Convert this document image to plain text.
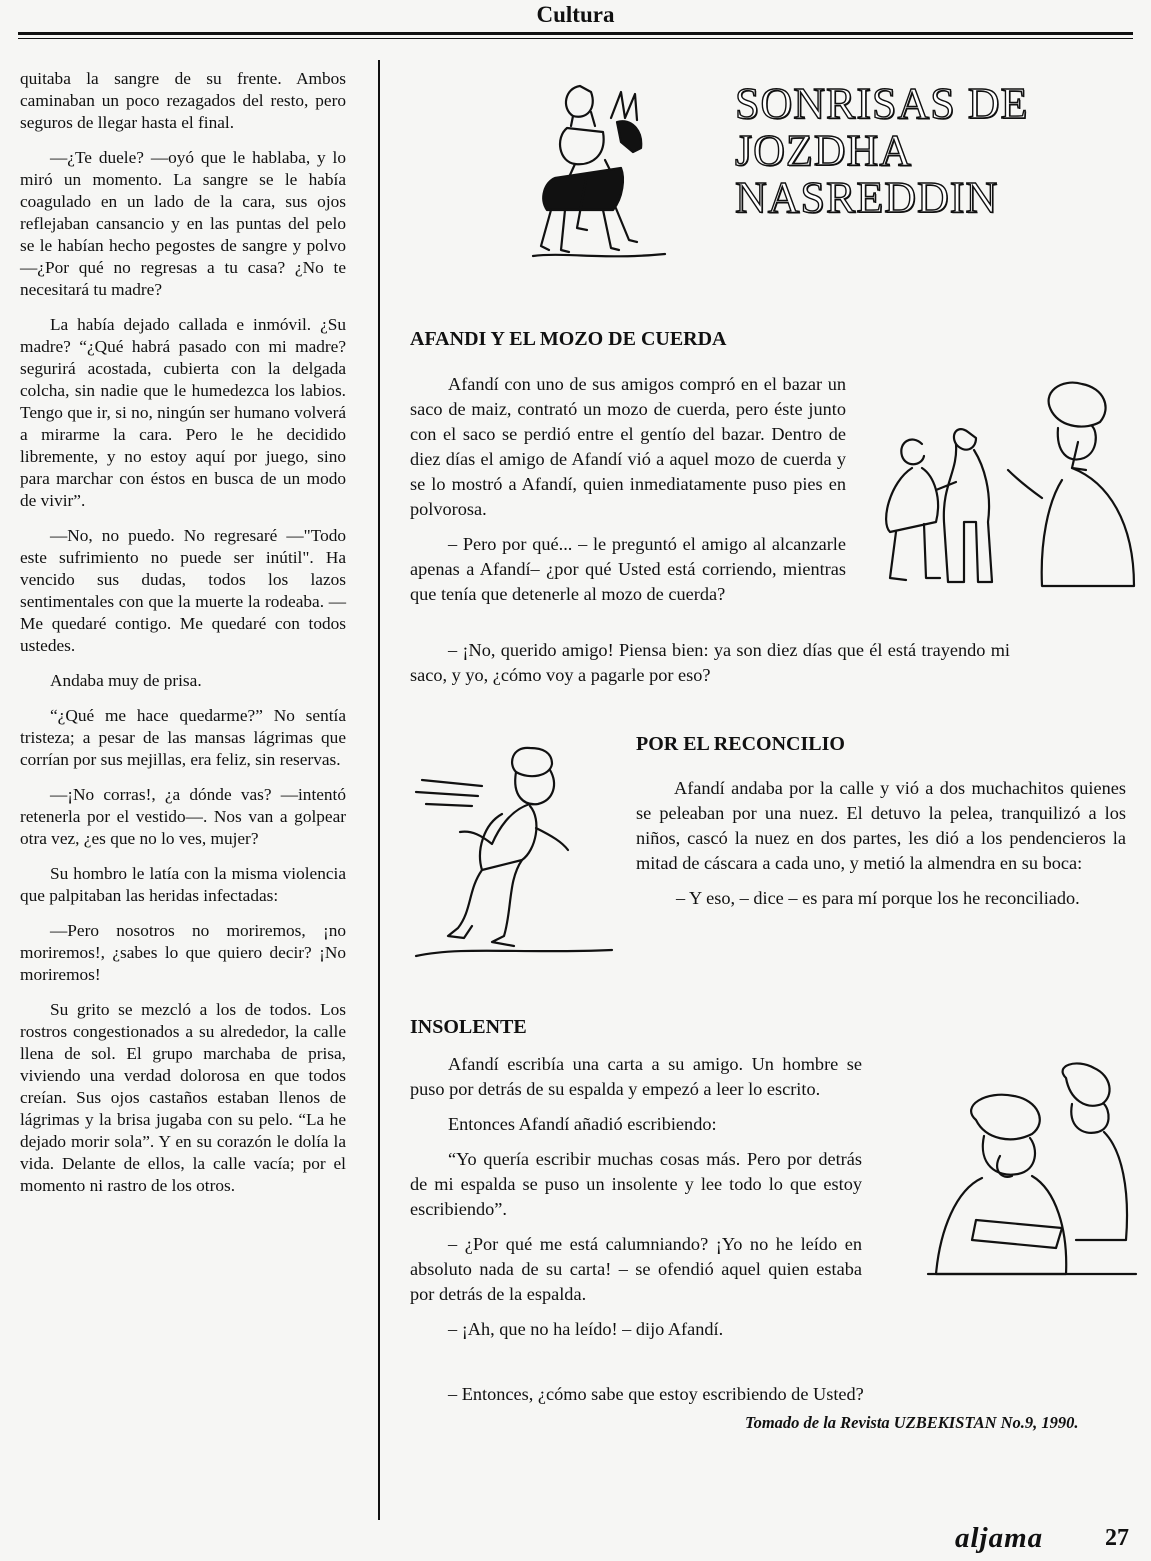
Cultura

quitaba la sangre de su frente. Ambos caminaban un poco rezagados del resto, pero seguros de llegar hasta el final.

—¿Te duele? —oyó que le hablaba, y lo miró un momento. La sangre se le había coagulado en un lado de la cara, sus ojos reflejaban cansancio y en las puntas del pelo se le habían hecho pegostes de sangre y polvo —¿Por qué no regresas a tu casa? ¿No te necesitará tu madre?

La había dejado callada e inmóvil. ¿Su madre? “¿Qué habrá pasado con mi madre? segurirá acostada, cubierta con la delgada colcha, sin nadie que le humedezca los labios. Tengo que ir, si no, ningún ser humano volverá a mirarme la cara. Pero le he decidido libremente, y no estoy aquí por juego, sino para marchar con éstos en busca de un modo de vivir”.

—No, no puedo. No regresaré —"Todo este sufrimiento no puede ser inútil". Ha vencido sus dudas, todos los lazos sentimentales con que la muerte la rodeaba. —Me quedaré contigo. Me quedaré con todos ustedes.

Andaba muy de prisa.

“¿Qué me hace quedarme?” No sentía tristeza; a pesar de las mansas lágrimas que corrían por sus mejillas, era feliz, sin reservas.

—¡No corras!, ¿a dónde vas? —intentó retenerla por el vestido—. Nos van a golpear otra vez, ¿es que no lo ves, mujer?

Su hombro le latía con la misma violencia que palpitaban las heridas infectadas:

—Pero nosotros no moriremos, ¡no moriremos!, ¿sabes lo que quiero decir? ¡No moriremos!

Su grito se mezcló a los de todos. Los rostros congestionados a su alrededor, la calle llena de sol. El grupo marchaba de prisa, viviendo una verdad dolorosa en que todos creían. Sus ojos castaños estaban llenos de lágrimas y la brisa jugaba con su pelo. “La he dejado morir sola”. Y en su corazón le dolía la vida. Delante de ellos, la calle vacía; por el momento ni rastro de los otros.

SONRISAS DE
JOZDHA
NASREDDIN
AFANDI Y EL MOZO DE CUERDA

Afandí con uno de sus amigos compró en el bazar un saco de maiz, contrató un mozo de cuerda, pero éste junto con el saco se perdió entre el gentío del bazar. Dentro de diez días el amigo de Afandí vió a aquel mozo de cuerda y se lo mostró a Afandí, quien inmediatamente puso pies en polvorosa.

– Pero por qué... – le preguntó el amigo al alcanzarle apenas a Afandí– ¿por qué Usted está corriendo, mientras que tenía que detenerle al mozo de cuerda?

– ¡No, querido amigo! Piensa bien: ya son diez días que él está trayendo mi saco, y yo, ¿cómo voy a pagarle por eso?

POR EL RECONCILIO

Afandí andaba por la calle y vió a dos muchachitos quienes se peleaban por una nuez. El detuvo la pelea, tranquilizó a los niños, cascó la nuez en dos partes, les dió a los pendencieros la mitad de cáscara a cada uno, y metió la almendra en su boca:

– Y eso, – dice – es para mí porque los he reconciliado.

INSOLENTE

Afandí escribía una carta a su amigo. Un hombre se puso por detrás de su espalda y empezó a leer lo escrito.

Entonces Afandí añadió escribiendo:

“Yo quería escribir muchas cosas más. Pero por detrás de mi espalda se puso un insolente y lee todo lo que estoy escribiendo”.

– ¿Por qué me está calumniando? ¡Yo no he leído en absoluto nada de su carta! – se ofendió aquel quien estaba por detrás de la espalda.

– ¡Ah, que no ha leído! – dijo Afandí.

– Entonces, ¿cómo sabe que estoy escribiendo de Usted?

Tomado de la Revista UZBEKISTAN No.9, 1990.
aljama	27
